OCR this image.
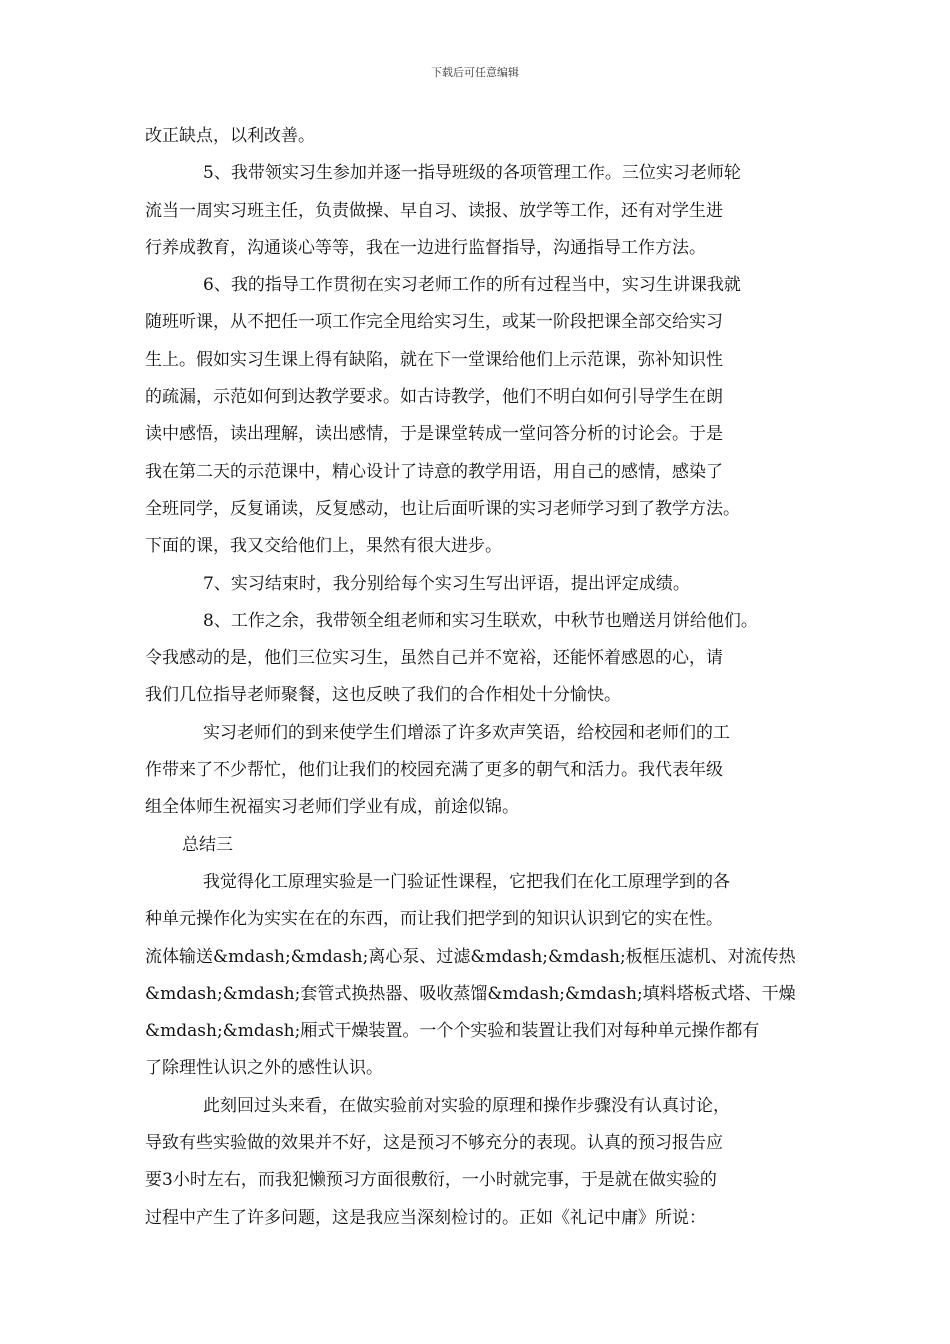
下载后可任意编辑
改正缺点，以利改善。
5、我带领实习生参加并逐一指导班级的各项管理工作。三位实习老师轮
流当一周实习班主任，负责做操、早自习、读报、放学等工作，还有对学生进
行养成教育，沟通谈心等等，我在一边进行监督指导，沟通指导工作方法。
6、我的指导工作贯彻在实习老师工作的所有过程当中，实习生讲课我就
随班听课，从不把任一项工作完全甩给实习生，或某一阶段把课全部交给实习
生上。假如实习生课上得有缺陷，就在下一堂课给他们上示范课，弥补知识性
的疏漏，示范如何到达教学要求。如古诗教学，他们不明白如何引导学生在朗
读中感悟，读出理解，读出感情，于是课堂转成一堂问答分析的讨论会。于是
我在第二天的示范课中，精心设计了诗意的教学用语，用自己的感情，感染了
全班同学，反复诵读，反复感动，也让后面听课的实习老师学习到了教学方法。
下面的课，我又交给他们上，果然有很大进步。
7、实习结束时，我分别给每个实习生写出评语，提出评定成绩。
8、工作之余，我带领全组老师和实习生联欢，中秋节也赠送月饼给他们。
令我感动的是，他们三位实习生，虽然自己并不宽裕，还能怀着感恩的心，请
我们几位指导老师聚餐，这也反映了我们的合作相处十分愉快。
实习老师们的到来使学生们增添了许多欢声笑语，给校园和老师们的工
作带来了不少帮忙，他们让我们的校园充满了更多的朝气和活力。我代表年级
组全体师生祝福实习老师们学业有成，前途似锦。
总结三
我觉得化工原理实验是一门验证性课程，它把我们在化工原理学到的各
种单元操作化为实实在在的东西，而让我们把学到的知识认识到它的实在性。
流体输送&mdash;&mdash;离心泵、过滤&mdash;&mdash;板框压滤机、对流传热
&mdash;&mdash;套管式换热器、吸收蒸馏&mdash;&mdash;填料塔板式塔、干燥
&mdash;&mdash;厢式干燥装置。一个个实验和装置让我们对每种单元操作都有
了除理性认识之外的感性认识。
此刻回过头来看，在做实验前对实验的原理和操作步骤没有认真讨论，
导致有些实验做的效果并不好，这是预习不够充分的表现。认真的预习报告应
要3小时左右，而我犯懒预习方面很敷衍，一小时就完事，于是就在做实验的
过程中产生了许多问题，这是我应当深刻检讨的。正如《礼记中庸》所说：
